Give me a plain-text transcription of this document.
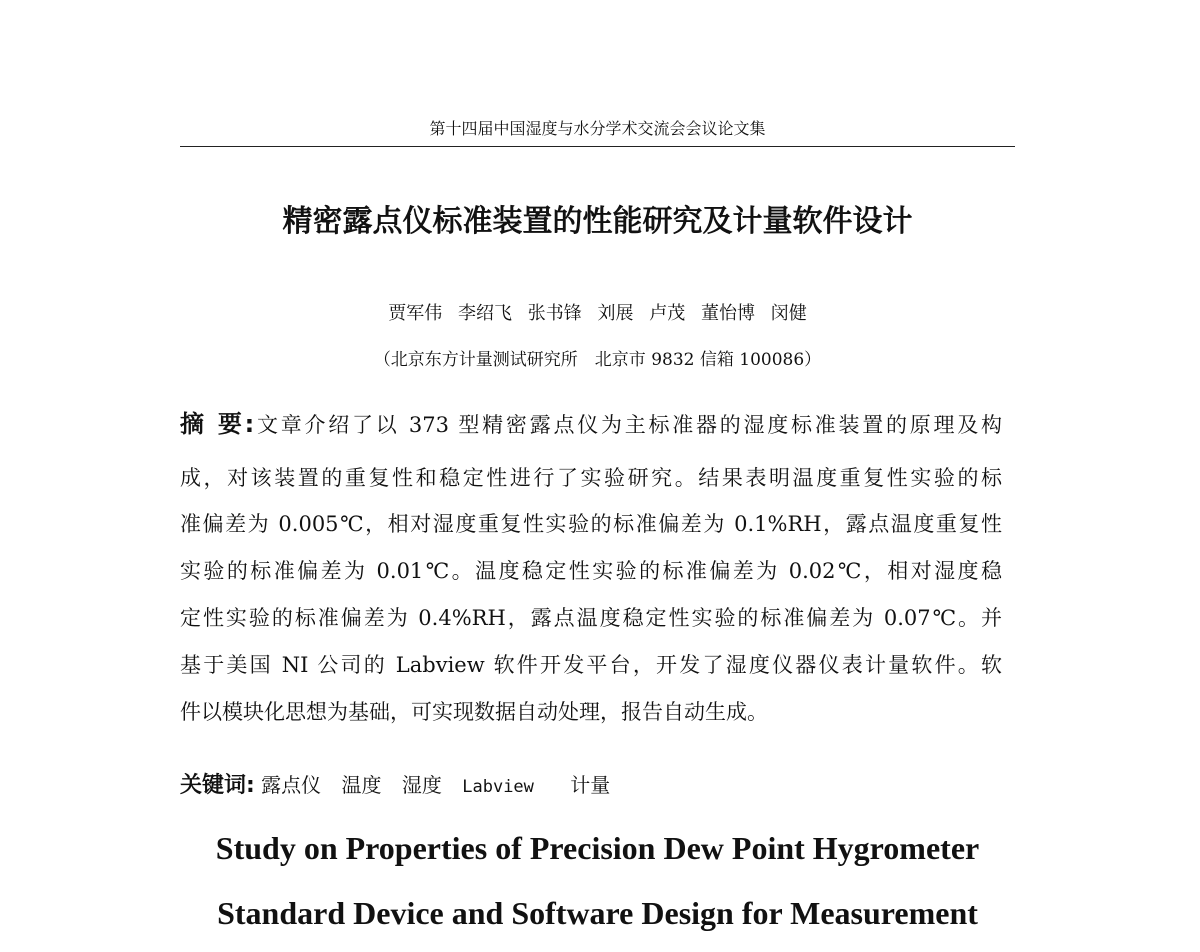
第十四届中国湿度与水分学术交流会会议论文集
精密露点仪标准装置的性能研究及计量软件设计
贾军伟 李绍飞 张书锋 刘展 卢茂 董怡博 闵健
（北京东方计量测试研究所　北京市 9832 信箱 100086）
摘 要:文章介绍了以 373 型精密露点仪为主标准器的湿度标准装置的原理及构
成，对该装置的重复性和稳定性进行了实验研究。结果表明温度重复性实验的标
准偏差为 0.005℃，相对湿度重复性实验的标准偏差为 0.1%RH，露点温度重复性
实验的标准偏差为 0.01℃。温度稳定性实验的标准偏差为 0.02℃，相对湿度稳
定性实验的标准偏差为 0.4%RH，露点温度稳定性实验的标准偏差为 0.07℃。并
基于美国 NI 公司的 Labview 软件开发平台，开发了湿度仪器仪表计量软件。软
件以模块化思想为基础，可实现数据自动处理，报告自动生成。
关键词: 露点仪 温度 湿度 Labview 计量
Study on Properties of Precision Dew Point Hygrometer
Standard Device and Software Design for Measurement
